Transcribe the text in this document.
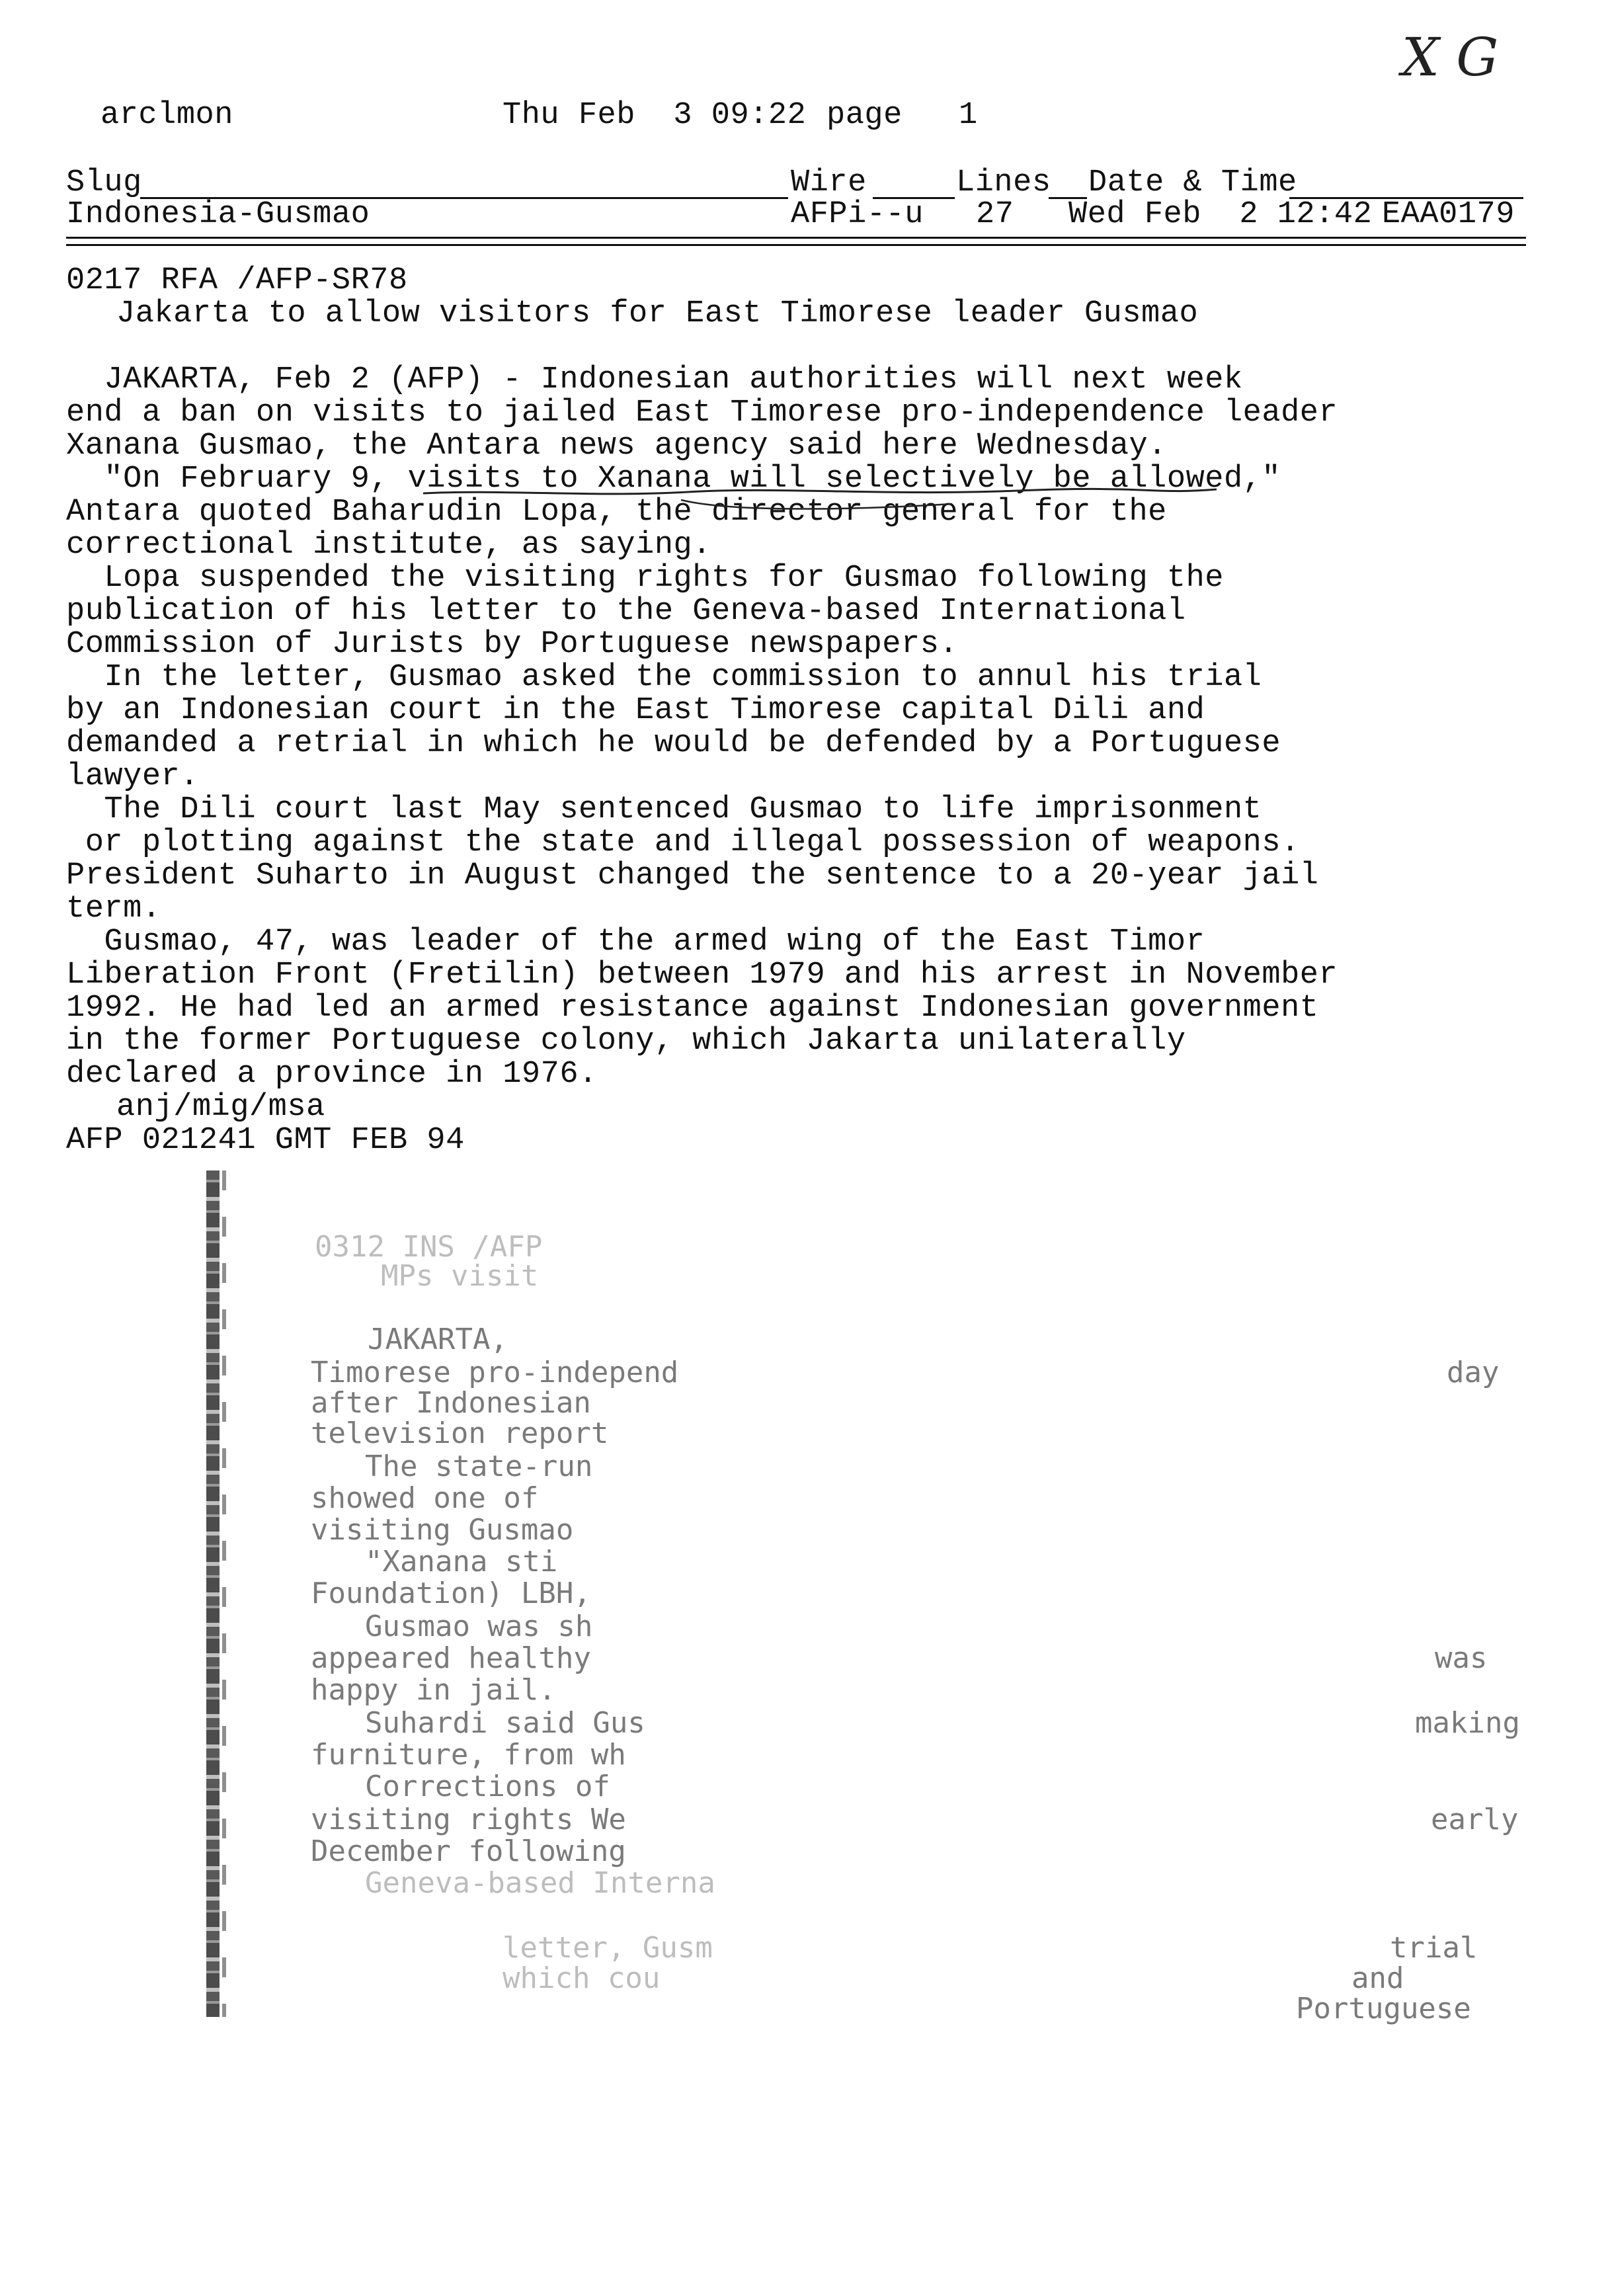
X G
arclmon	Thu Feb  3 09:22 page 1
Slug	Wire	Lines Date & Time
Indonesia-Gusmao	AFPi--u 27 Wed Feb  2 12:42 EAA0179
0217 RFA /AFP-SR78
Jakarta to allow visitors for East Timorese leader Gusmao
JAKARTA, Feb 2 (AFP) - Indonesian authorities will next week
end a ban on visits to jailed East Timorese pro-independence leader
Xanana Gusmao, the Antara news agency said here Wednesday.
"On February 9, visits to Xanana will selectively be allowed,"
Antara quoted Baharudin Lopa, the director general for the
correctional institute, as saying.
Lopa suspended the visiting rights for Gusmao following the
publication of his letter to the Geneva-based International
Commission of Jurists by Portuguese newspapers.
In the letter, Gusmao asked the commission to annul his trial
by an Indonesian court in the East Timorese capital Dili and
demanded a retrial in which he would be defended by a Portuguese
lawyer.
The Dili court last May sentenced Gusmao to life imprisonment
or plotting against the state and illegal possession of weapons.
President Suharto in August changed the sentence to a 20-year jail
term.
Gusmao, 47, was leader of the armed wing of the East Timor
Liberation Front (Fretilin) between 1979 and his arrest in November
1992. He had led an armed resistance against Indonesian government
in the former Portuguese colony, which Jakarta unilaterally
declared a province in 1976.
anj/mig/msa
AFP 021241 GMT FEB 94
0312 INS /AFP
MPs visit
JAKARTA,
Timorese pro-independ
after Indonesian
television report
The state-run
showed one of
visiting Gusmao
"Xanana sti
Foundation) LBH,
Gusmao was sh
appeared healthy
happy in jail.
Suhardi said Gus
furniture, from wh
Corrections of
visiting rights We
December following
Geneva-based Interna
letter, Gusm
which cou
day
was
making
early
trial
and
Portuguese
